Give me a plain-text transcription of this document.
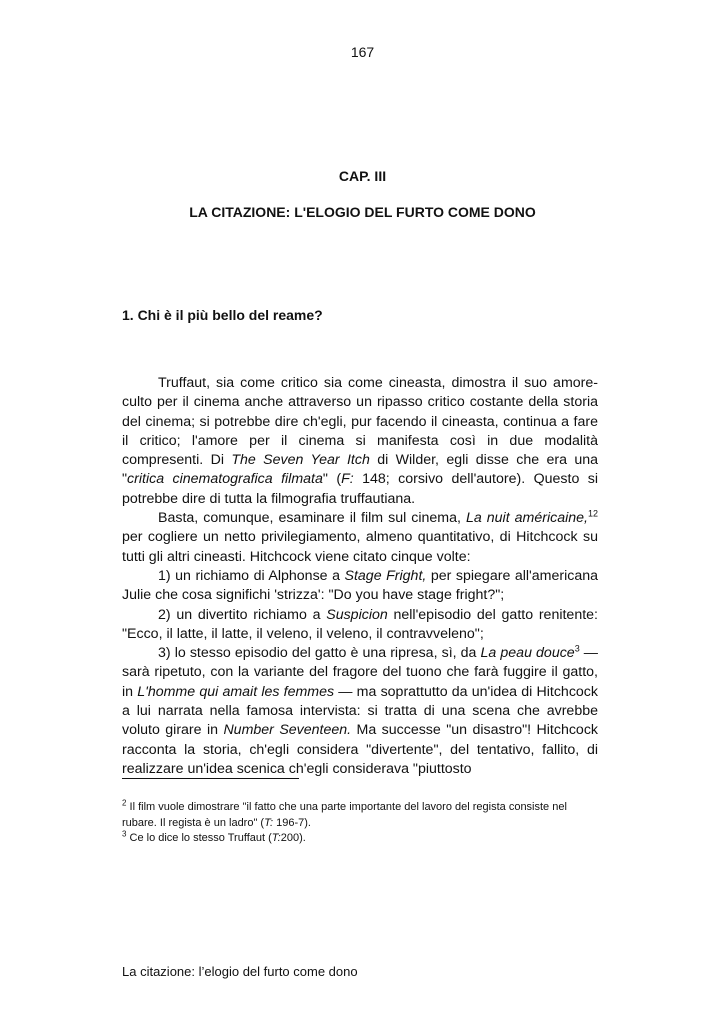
167
CAP. III
LA CITAZIONE: L'ELOGIO DEL FURTO COME DONO
1. Chi è il più bello del reame?

Truffaut, sia come critico sia come cineasta, dimostra il suo amore-culto per il cinema anche attraverso un ripasso critico costante della storia del cinema; si potrebbe dire ch'egli, pur facendo il cineasta, continua a fare il critico; l'amore per il cinema si manifesta così in due modalità compresenti. Di The Seven Year Itch di Wilder, egli disse che era una "critica cinematografica filmata" (F: 148; corsivo dell'autore). Questo si potrebbe dire di tutta la filmografia truffautiana.

Basta, comunque, esaminare il film sul cinema, La nuit américaine,$^{12}$ per cogliere un netto privilegiamento, almeno quantitativo, di Hitchcock su tutti gli altri cineasti. Hitchcock viene citato cinque volte:

1) un richiamo di Alphonse a Stage Fright, per spiegare all'americana Julie che cosa significhi 'strizza': "Do you have stage fright?";

2) un divertito richiamo a Suspicion nell'episodio del gatto renitente: "Ecco, il latte, il latte, il veleno, il veleno, il contravveleno";

3) lo stesso episodio del gatto è una ripresa, sì, da La peau douce$^3$ — sarà ripetuto, con la variante del fragore del tuono che farà fuggire il gatto, in L'homme qui amait les femmes — ma soprattutto da un'idea di Hitchcock a lui narrata nella famosa intervista: si tratta di una scena che avrebbe voluto girare in Number Seventeen. Ma successe "un disastro"! Hitchcock racconta la storia, ch'egli considera "divertente", del tentativo, fallito, di realizzare un'idea scenica ch'egli considerava "piuttosto

$^2$ Il film vuole dimostrare "il fatto che una parte importante del lavoro del regista consiste nel rubare. Il regista è un ladro" (T: 196-7).

$^3$ Ce lo dice lo stesso Truffaut (T:200).

La citazione: l’elogio del furto come dono
